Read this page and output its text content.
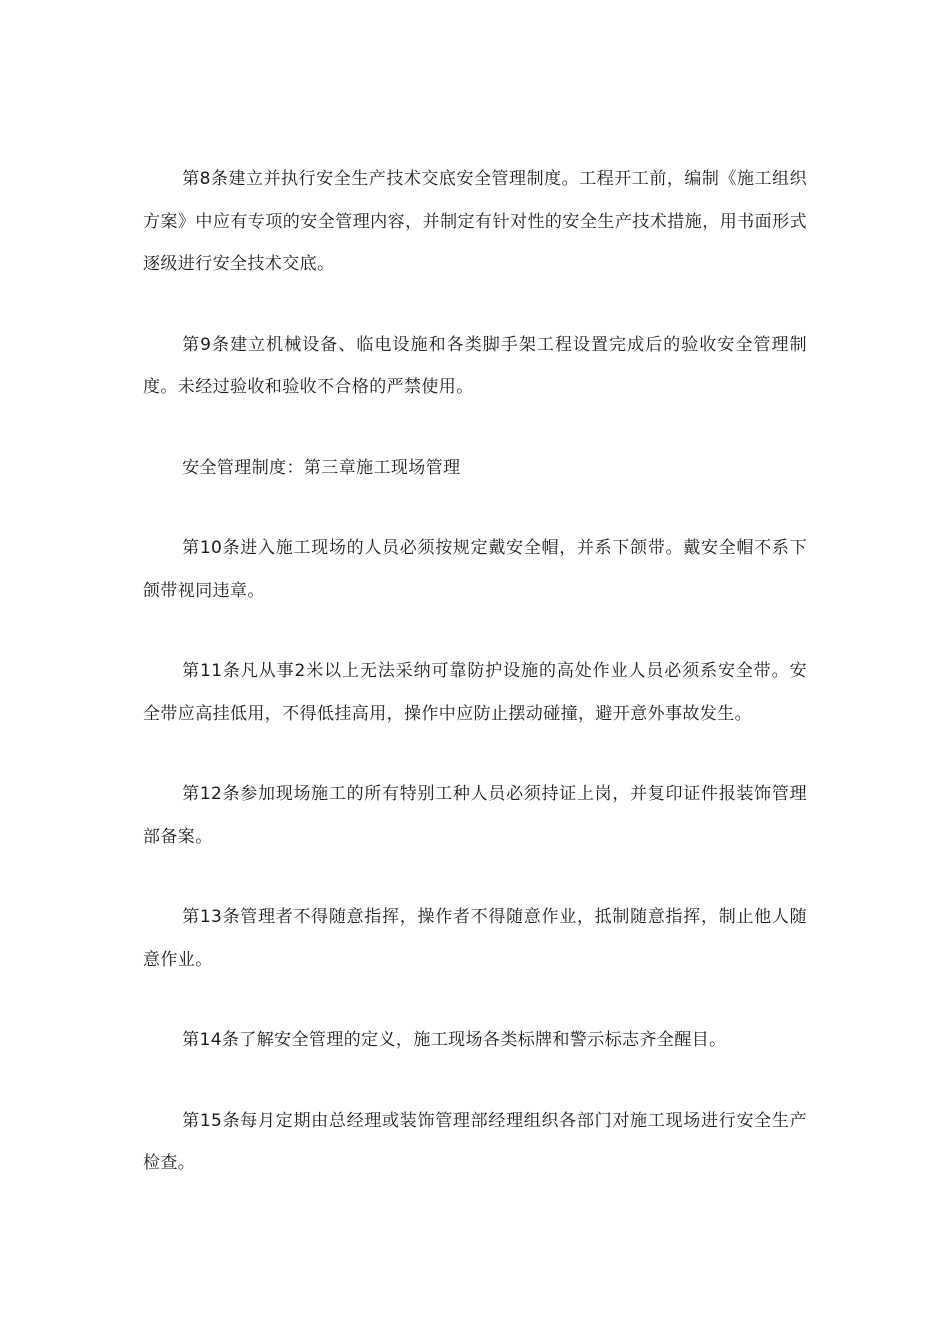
第8条建立并执行安全生产技术交底安全管理制度。工程开工前，编制《施工组织方案》中应有专项的安全管理内容，并制定有针对性的安全生产技术措施，用书面形式逐级进行安全技术交底。

第9条建立机械设备、临电设施和各类脚手架工程设置完成后的验收安全管理制度。未经过验收和验收不合格的严禁使用。

安全管理制度：第三章施工现场管理

第10条进入施工现场的人员必须按规定戴安全帽，并系下颌带。戴安全帽不系下颌带视同违章。

第11条凡从事2米以上无法采纳可靠防护设施的高处作业人员必须系安全带。安全带应高挂低用，不得低挂高用，操作中应防止摆动碰撞，避开意外事故发生。

第12条参加现场施工的所有特别工种人员必须持证上岗，并复印证件报装饰管理部备案。

第13条管理者不得随意指挥，操作者不得随意作业，抵制随意指挥，制止他人随意作业。

第14条了解安全管理的定义，施工现场各类标牌和警示标志齐全醒目。

第15条每月定期由总经理或装饰管理部经理组织各部门对施工现场进行安全生产检查。
